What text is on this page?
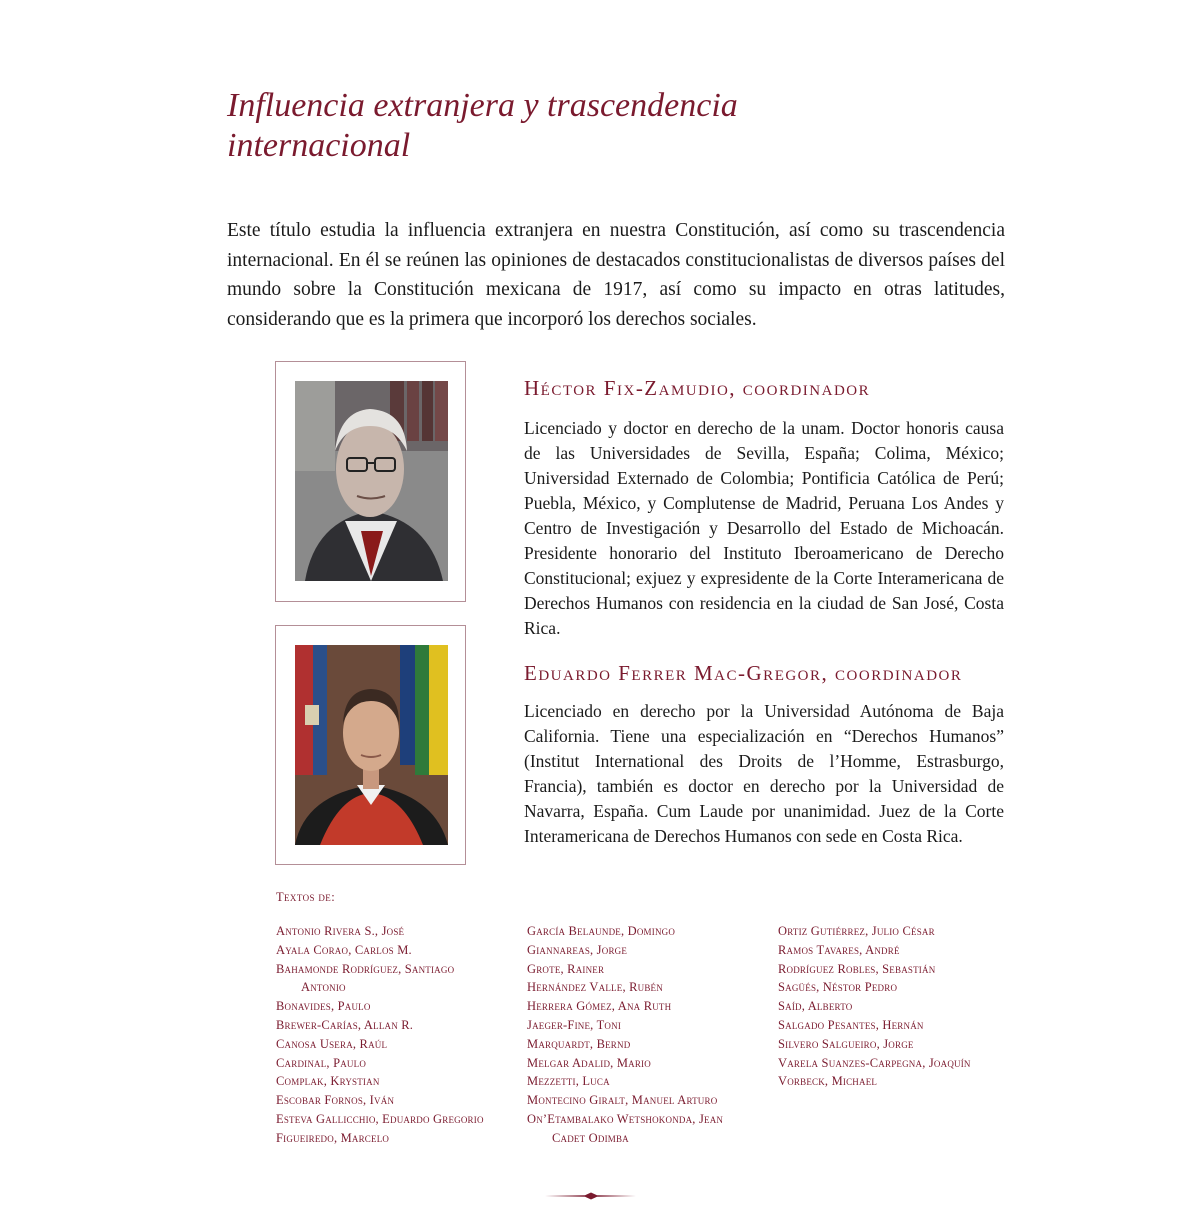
Influencia extranjera y trascendencia
internacional

Este título estudia la influencia extranjera en nuestra Constitución, así como su trascendencia internacional. En él se reúnen las opiniones de destacados constitucionalistas de diversos países del mundo sobre la Constitución mexicana de 1917, así como su impacto en otras latitudes, considerando que es la primera que incorporó los derechos sociales.

Héctor Fix-Zamudio, coordinador

Licenciado y doctor en derecho de la unam. Doctor honoris causa de las Universidades de Sevilla, España; Colima, México; Universidad Externado de Colombia; Pontificia Católica de Perú; Puebla, México, y Complutense de Madrid, Peruana Los Andes y Centro de Investigación y Desarrollo del Estado de Michoacán. Presidente honorario del Instituto Iberoamericano de Derecho Constitucional; exjuez y expresidente de la Corte Interamericana de Derechos Humanos con residencia en la ciudad de San José, Costa Rica.

Eduardo Ferrer Mac-Gregor, coordinador

Licenciado en derecho por la Universidad Autónoma de Baja California. Tiene una especialización en “Derechos Humanos” (Institut International des Droits de l’Homme, Estrasburgo, Francia), también es doctor en derecho por la Universidad de Navarra, España. Cum Laude por unanimidad. Juez de la Corte Interamericana de Derechos Humanos con sede en Costa Rica.

Textos de:
Antonio Rivera S., José
Ayala Corao, Carlos M.
Bahamonde Rodríguez, Santiago
Antonio
Bonavides, Paulo
Brewer-Carías, Allan R.
Canosa Usera, Raúl
Cardinal, Paulo
Complak, Krystian
Escobar Fornos, Iván
Esteva Gallicchio, Eduardo Gregorio
Figueiredo, Marcelo
García Belaunde, Domingo
Giannareas, Jorge
Grote, Rainer
Hernández Valle, Rubén
Herrera Gómez, Ana Ruth
Jaeger-Fine, Toni
Marquardt, Bernd
Melgar Adalid, Mario
Mezzetti, Luca
Montecino Giralt, Manuel Arturo
On’Etambalako Wetshokonda, Jean
Cadet Odimba
Ortiz Gutiérrez, Julio César
Ramos Tavares, André
Rodríguez Robles, Sebastián
Sagüés, Néstor Pedro
Saíd, Alberto
Salgado Pesantes, Hernán
Silvero Salgueiro, Jorge
Varela Suanzes-Carpegna, Joaquín
Vorbeck, Michael
